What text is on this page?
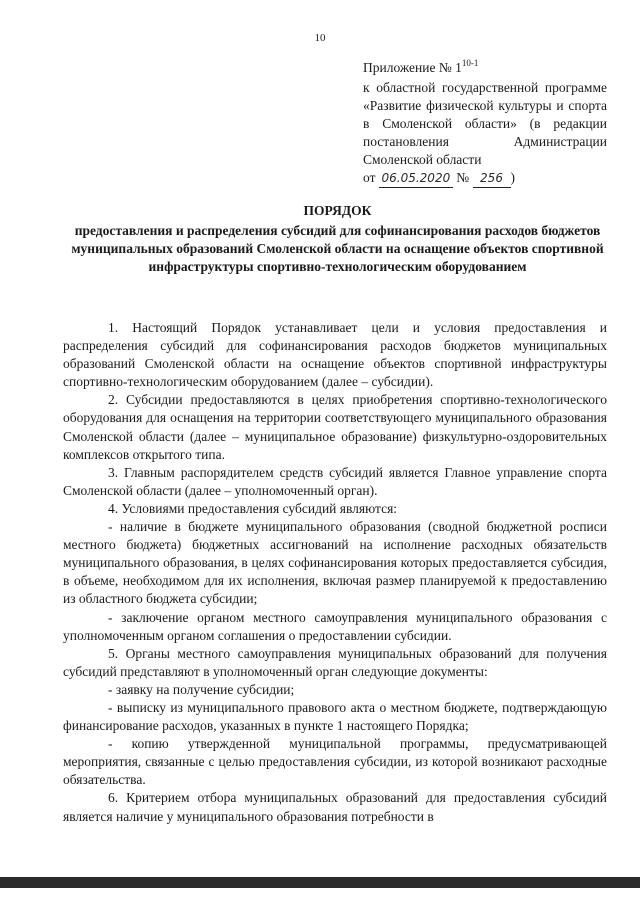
10
Приложение № 1$^{10-1}$
к областной государственной программе «Развитие физической культуры и спорта в Смоленской области» (в редакции постановления Администрации Смоленской области
от 06.05.2020 № 256 )
ПОРЯДОК
предоставления и распределения субсидий для софинансирования расходов бюджетов муниципальных образований Смоленской области на оснащение объектов спортивной инфраструктуры спортивно-технологическим оборудованием

1. Настоящий Порядок устанавливает цели и условия предоставления и распределения субсидий для софинансирования расходов бюджетов муниципальных образований Смоленской области на оснащение объектов спортивной инфраструктуры спортивно-технологическим оборудованием (далее – субсидии).

2. Субсидии предоставляются в целях приобретения спортивно-технологического оборудования для оснащения на территории соответствующего муниципального образования Смоленской области (далее – муниципальное образование) физкультурно-оздоровительных комплексов открытого типа.

3. Главным распорядителем средств субсидий является Главное управление спорта Смоленской области (далее – уполномоченный орган).

4. Условиями предоставления субсидий являются:

- наличие в бюджете муниципального образования (сводной бюджетной росписи местного бюджета) бюджетных ассигнований на исполнение расходных обязательств муниципального образования, в целях софинансирования которых предоставляется субсидия, в объеме, необходимом для их исполнения, включая размер планируемой к предоставлению из областного бюджета субсидии;

- заключение органом местного самоуправления муниципального образования с уполномоченным органом соглашения о предоставлении субсидии.

5. Органы местного самоуправления муниципальных образований для получения субсидий представляют в уполномоченный орган следующие документы:

- заявку на получение субсидии;

- выписку из муниципального правового акта о местном бюджете, подтверждающую финансирование расходов, указанных в пункте 1 настоящего Порядка;

- копию утвержденной муниципальной программы, предусматривающей мероприятия, связанные с целью предоставления субсидии, из которой возникают расходные обязательства.

6. Критерием отбора муниципальных образований для предоставления субсидий является наличие у муниципального образования потребности в
